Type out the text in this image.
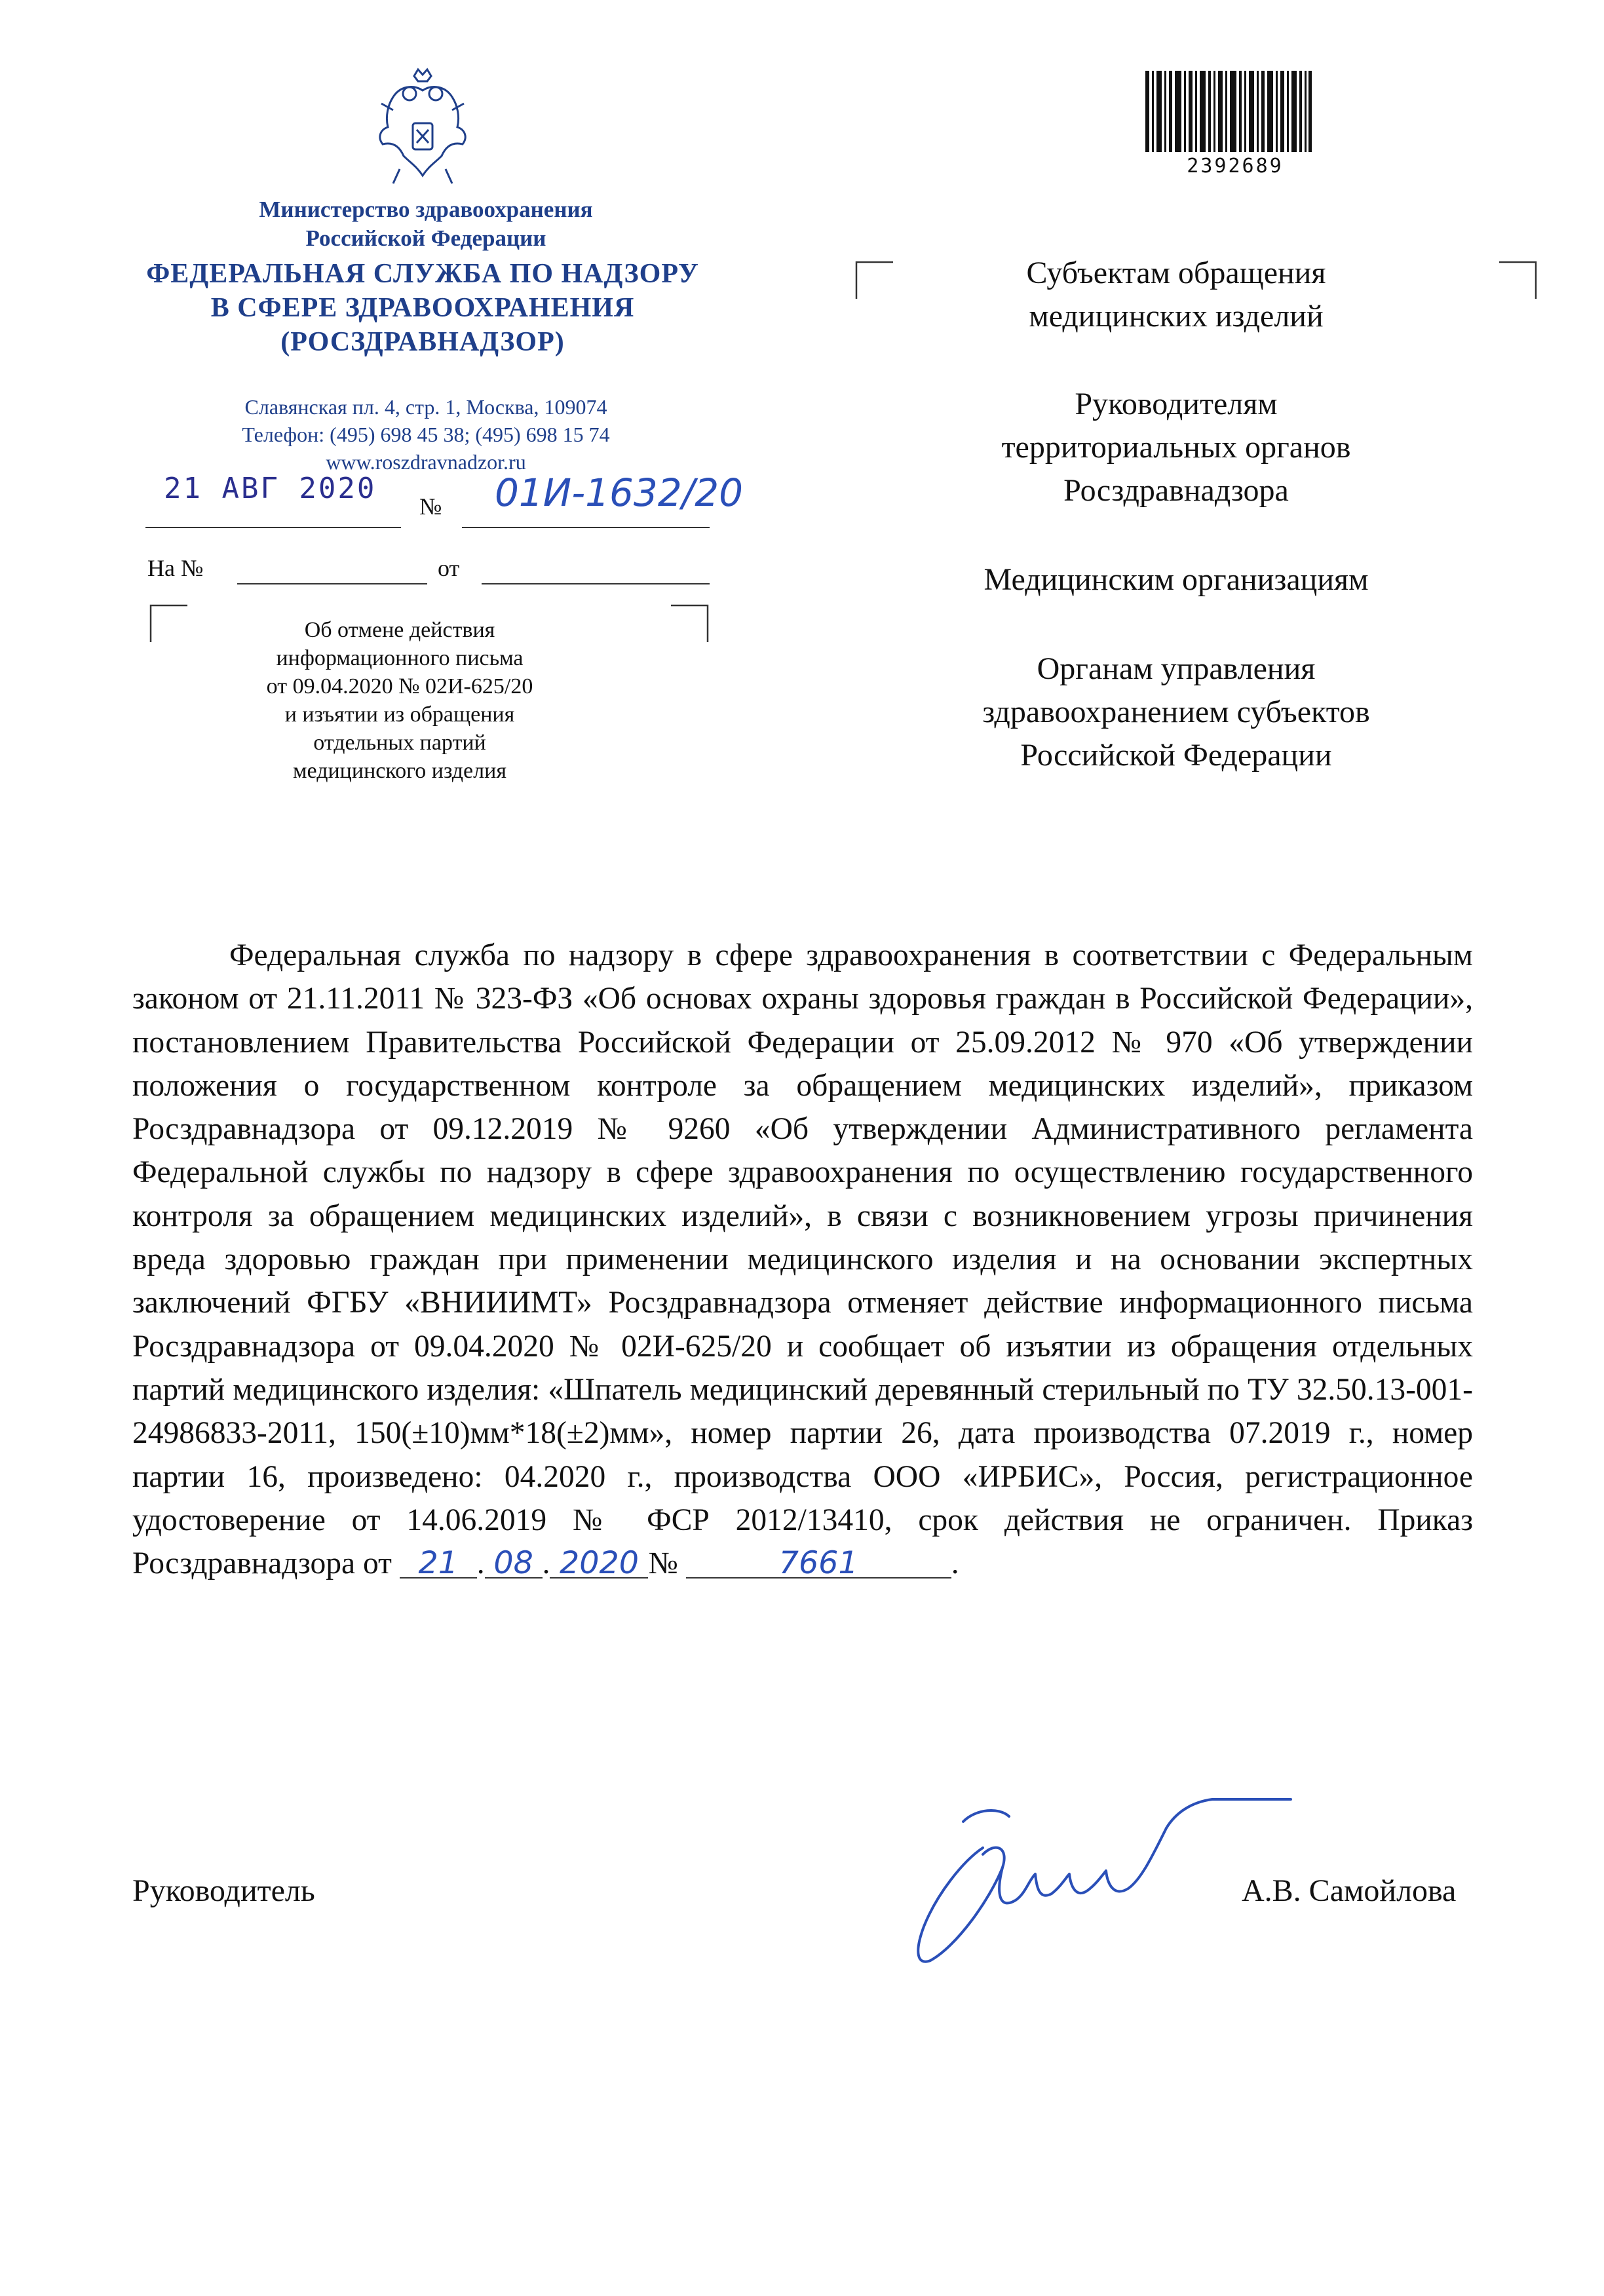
Министерство здравоохранения
Российской Федерации
ФЕДЕРАЛЬНАЯ СЛУЖБА ПО НАДЗОРУ
В СФЕРЕ ЗДРАВООХРАНЕНИЯ
(РОСЗДРАВНАДЗОР)
Славянская пл. 4, стр. 1, Москва, 109074
Телефон: (495) 698 45 38; (495) 698 15 74
www.roszdravnadzor.ru
21 АВГ 2020
№ 01И-1632/20
На №	от
Об отмене действия
информационного письма
от 09.04.2020 № 02И-625/20
и изъятии из обращения
отдельных партий
медицинского изделия
2392689
Субъектам обращения
медицинских изделий
Руководителям
территориальных органов
Росздравнадзора
Медицинским организациям
Органам управления
здравоохранением субъектов
Российской Федерации
Федеральная служба по надзору в сфере здравоохранения в соответствии с Федеральным законом от 21.11.2011 № 323-ФЗ «Об основах охраны здоровья граждан в Российской Федерации», постановлением Правительства Российской Федерации от 25.09.2012 № 970 «Об утверждении положения о государственном контроле за обращением медицинских изделий», приказом Росздравнадзора от 09.12.2019 № 9260 «Об утверждении Административного регламента Федеральной службы по надзору в сфере здравоохранения по осуществлению государственного контроля за обращением медицинских изделий», в связи с возникновением угрозы причинения вреда здоровью граждан при применении медицинского изделия и на основании экспертных заключений ФГБУ «ВНИИИМТ» Росздравнадзора отменяет действие информационного письма Росздравнадзора от 09.04.2020 № 02И-625/20 и сообщает об изъятии из обращения отдельных партий медицинского изделия: «Шпатель медицинский деревянный стерильный по ТУ 32.50.13-001-24986833-2011, 150(±10)мм*18(±2)мм», номер партии 26, дата производства 07.2019 г., номер партии 16, произведено: 04.2020 г., производства ООО «ИРБИС», Россия, регистрационное удостоверение от 14.06.2019 № ФСР 2012/13410, срок действия не ограничен. Приказ Росздравнадзора от 21 . 08 . 2020 №	7661	.
Руководитель	А.В. Самойлова
